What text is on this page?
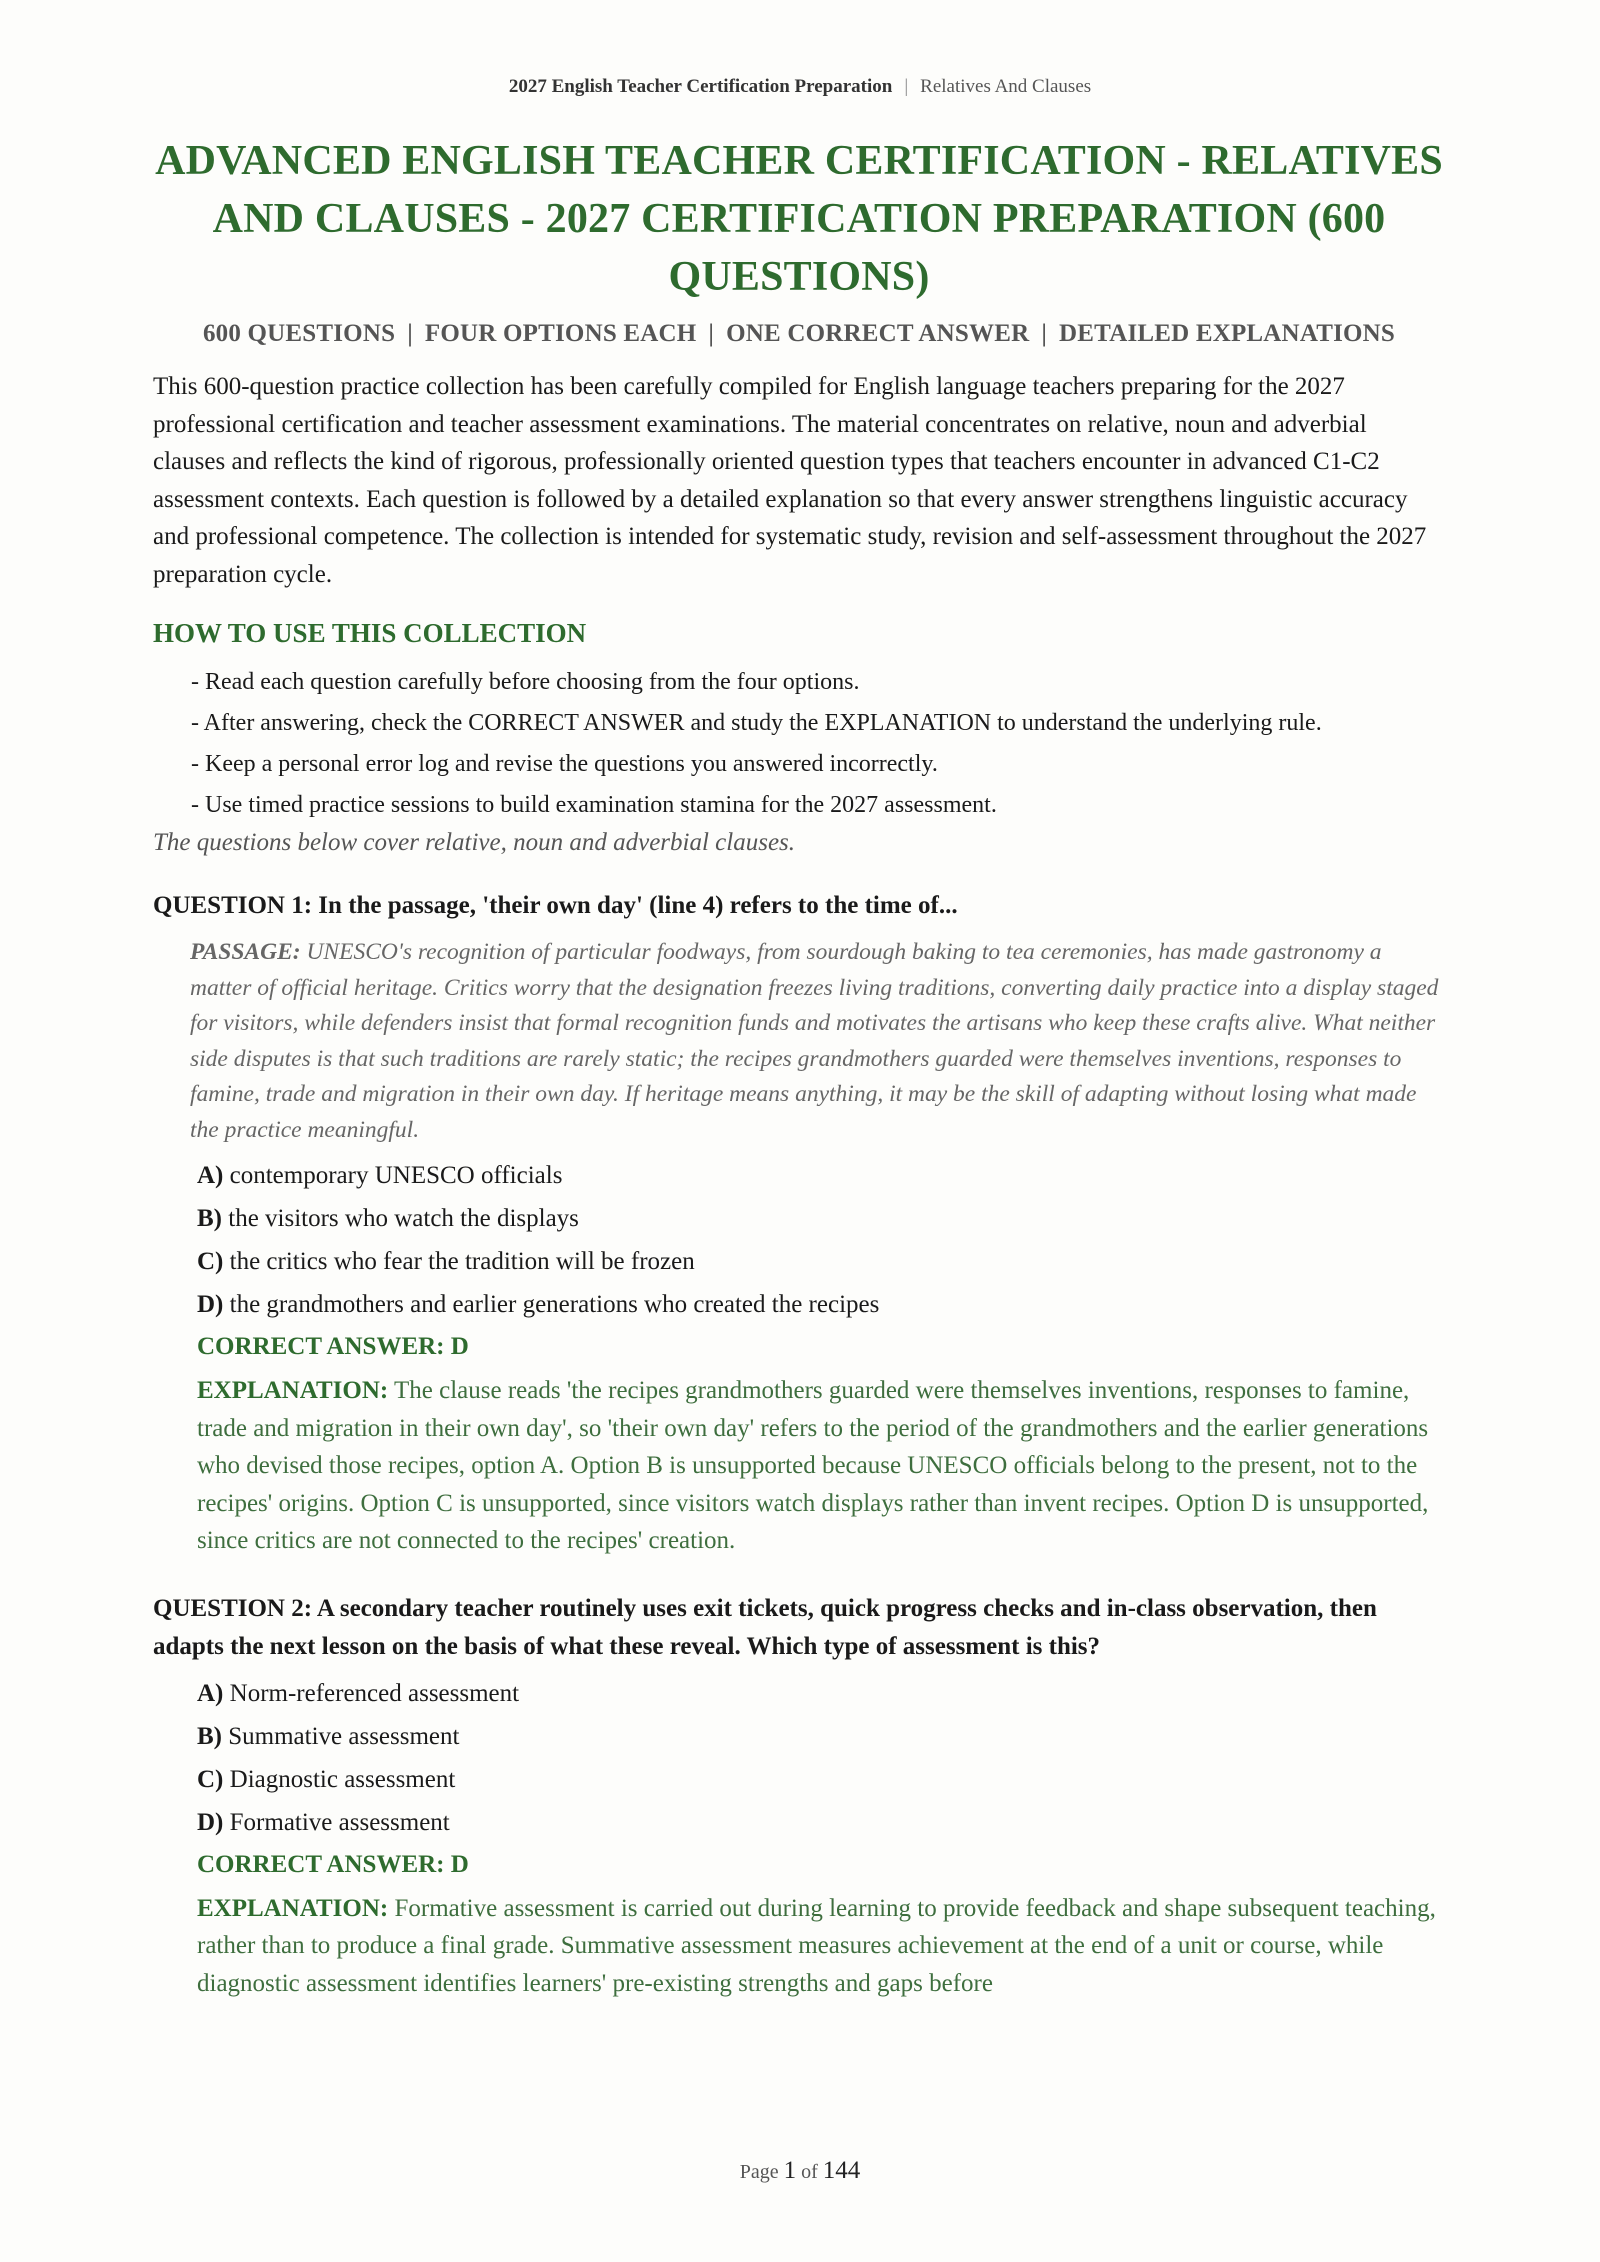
2027 English Teacher Certification Preparation | Relatives And Clauses
ADVANCED ENGLISH TEACHER CERTIFICATION - RELATIVES AND CLAUSES - 2027 CERTIFICATION PREPARATION (600 QUESTIONS)
600 QUESTIONS | FOUR OPTIONS EACH | ONE CORRECT ANSWER | DETAILED EXPLANATIONS

This 600-question practice collection has been carefully compiled for English language teachers preparing for the 2027 professional certification and teacher assessment examinations. The material concentrates on relative, noun and adverbial clauses and reflects the kind of rigorous, professionally oriented question types that teachers encounter in advanced C1-C2 assessment contexts. Each question is followed by a detailed explanation so that every answer strengthens linguistic accuracy and professional competence. The collection is intended for systematic study, revision and self-assessment throughout the 2027 preparation cycle.

HOW TO USE THIS COLLECTION
- Read each question carefully before choosing from the four options.
- After answering, check the CORRECT ANSWER and study the EXPLANATION to understand the underlying rule.
- Keep a personal error log and revise the questions you answered incorrectly.
- Use timed practice sessions to build examination stamina for the 2027 assessment.
The questions below cover relative, noun and adverbial clauses.
QUESTION 1: In the passage, 'their own day' (line 4) refers to the time of...
PASSAGE: UNESCO's recognition of particular foodways, from sourdough baking to tea ceremonies, has made gastronomy a matter of official heritage. Critics worry that the designation freezes living traditions, converting daily practice into a display staged for visitors, while defenders insist that formal recognition funds and motivates the artisans who keep these crafts alive. What neither side disputes is that such traditions are rarely static; the recipes grandmothers guarded were themselves inventions, responses to famine, trade and migration in their own day. If heritage means anything, it may be the skill of adapting without losing what made the practice meaningful.
A) contemporary UNESCO officials
B) the visitors who watch the displays
C) the critics who fear the tradition will be frozen
D) the grandmothers and earlier generations who created the recipes
CORRECT ANSWER: D
EXPLANATION: The clause reads 'the recipes grandmothers guarded were themselves inventions, responses to famine, trade and migration in their own day', so 'their own day' refers to the period of the grandmothers and the earlier generations who devised those recipes, option A. Option B is unsupported because UNESCO officials belong to the present, not to the recipes' origins. Option C is unsupported, since visitors watch displays rather than invent recipes. Option D is unsupported, since critics are not connected to the recipes' creation.
QUESTION 2: A secondary teacher routinely uses exit tickets, quick progress checks and in-class observation, then adapts the next lesson on the basis of what these reveal. Which type of assessment is this?
A) Norm-referenced assessment
B) Summative assessment
C) Diagnostic assessment
D) Formative assessment
CORRECT ANSWER: D
EXPLANATION: Formative assessment is carried out during learning to provide feedback and shape subsequent teaching, rather than to produce a final grade. Summative assessment measures achievement at the end of a unit or course, while diagnostic assessment identifies learners' pre-existing strengths and gaps before
Page 1 of 144
